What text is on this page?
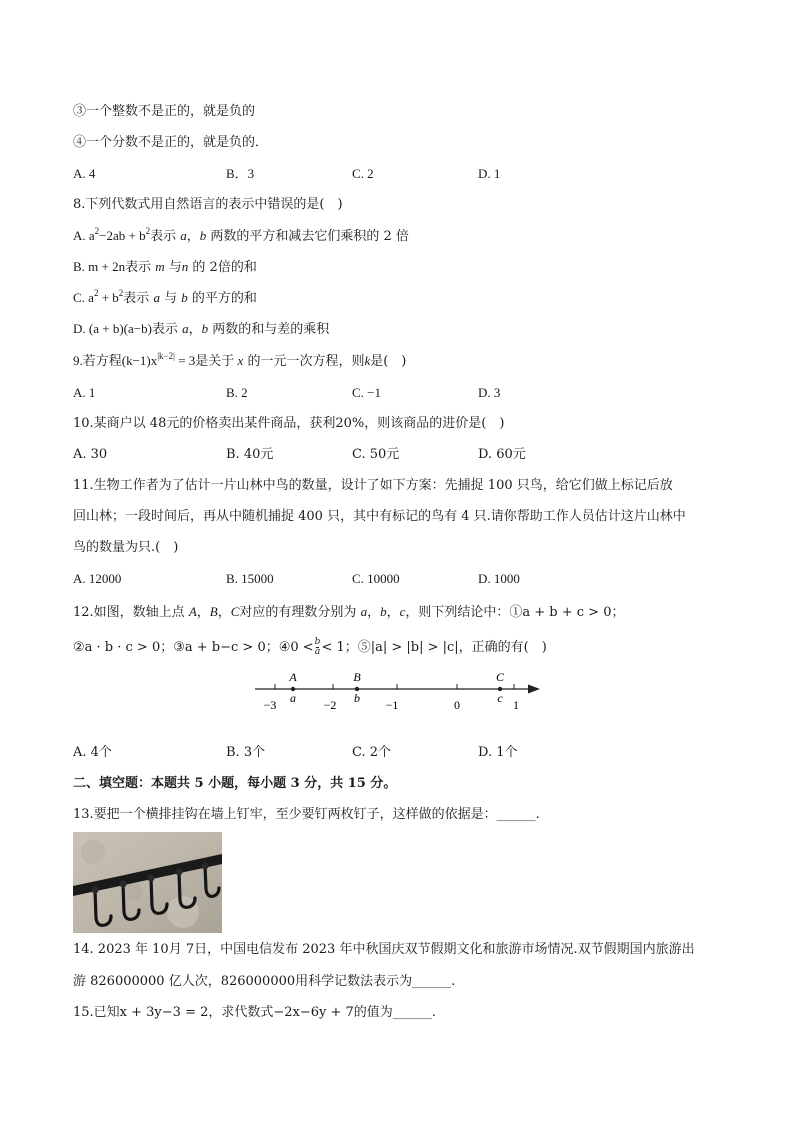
③一个整数不是正的，就是负的
④一个分数不是正的，就是负的．
A. 4	B．3	C. 2	D. 1
8.下列代数式用自然语言的表示中错误的是(　)
A. $a^2-2ab + b^2$表示 a，b 两数的平方和减去它们乘积的 2 倍
B. m + 2n表示 m 与n 的 2倍的和
C. $a^2 + b^2$表示 a 与 b 的平方的和
D. (a + b)(a−b)表示 a，b 两数的和与差的乘积
9.若方程$(k-1)x^{|k-2|} = 3$是关于 x 的一元一次方程，则k是(　)
A. 1	B. 2	C. −1	D. 3
10.某商户以 48元的价格卖出某件商品，获利20%，则该商品的进价是(　)
A. 30	B. 40元	C. 50元	D. 60元
11.生物工作者为了估计一片山林中鸟的数量，设计了如下方案：先捕捉 100 只鸟，给它们做上标记后放
回山林；一段时间后，再从中随机捕捉 400 只，其中有标记的鸟有 4 只.请你帮助工作人员估计这片山林中
鸟的数量为只.(　)
A. 12000	B. 15000	C. 10000	D. 1000
12.如图，数轴上点 A，B，C对应的有理数分别为 a，b，c，则下列结论中：①a + b + c > 0；
②a · b · c > 0；③a + b−c > 0；④0 < $\frac{b}{a} < 1$；⑤|a| > |b| > |c|，正确的有(　)
−3	−2	−1	0	1
A	B	C
a	b	c
A. 4个	B. 3个	C. 2个	D. 1个
二、填空题：本题共 5 小题，每小题 3 分，共 15 分。
13.要把一个横排挂钩在墙上钉牢，至少要钉两枚钉子，这样做的依据是：______.
14. 2023 年 10月 7日，中国电信发布 2023 年中秋国庆双节假期文化和旅游市场情况.双节假期国内旅游出
游 826000000 亿人次，826000000用科学记数法表示为______.
15.已知x + 3y−3 = 2，求代数式−2x−6y + 7的值为______.
